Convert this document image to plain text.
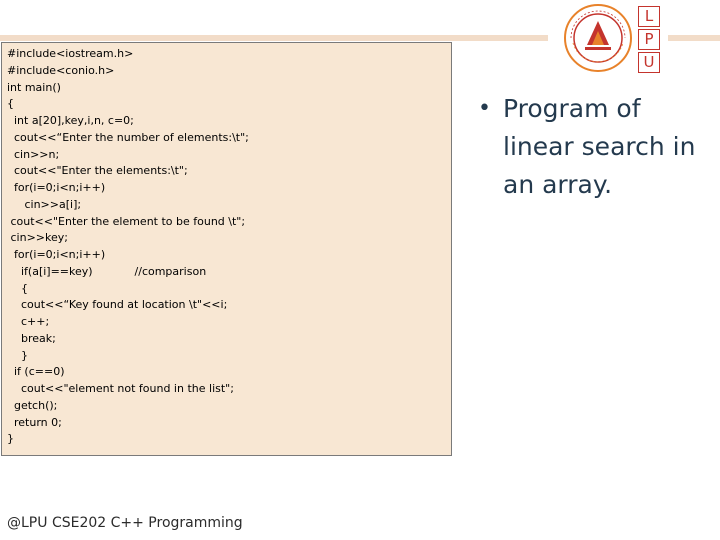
#include<iostream.h>
#include<conio.h>
int main()
{
int a[20],key,i,n, c=0;
cout<<“Enter the number of elements:\t";
cin>>n;
cout<<"Enter the elements:\t";
for(i=0;i<n;i++)
cin>>a[i];
cout<<"Enter the element to be found \t";
cin>>key;
for(i=0;i<n;i++)
if(a[i]==key)            //comparison
{
cout<<“Key found at location \t"<<i;
c++;
break;
}
if (c==0)
cout<<"element not found in the list";
getch();
return 0;
}
• Program of linear search in an array.
L
P
U
@LPU CSE202 C++ Programming
